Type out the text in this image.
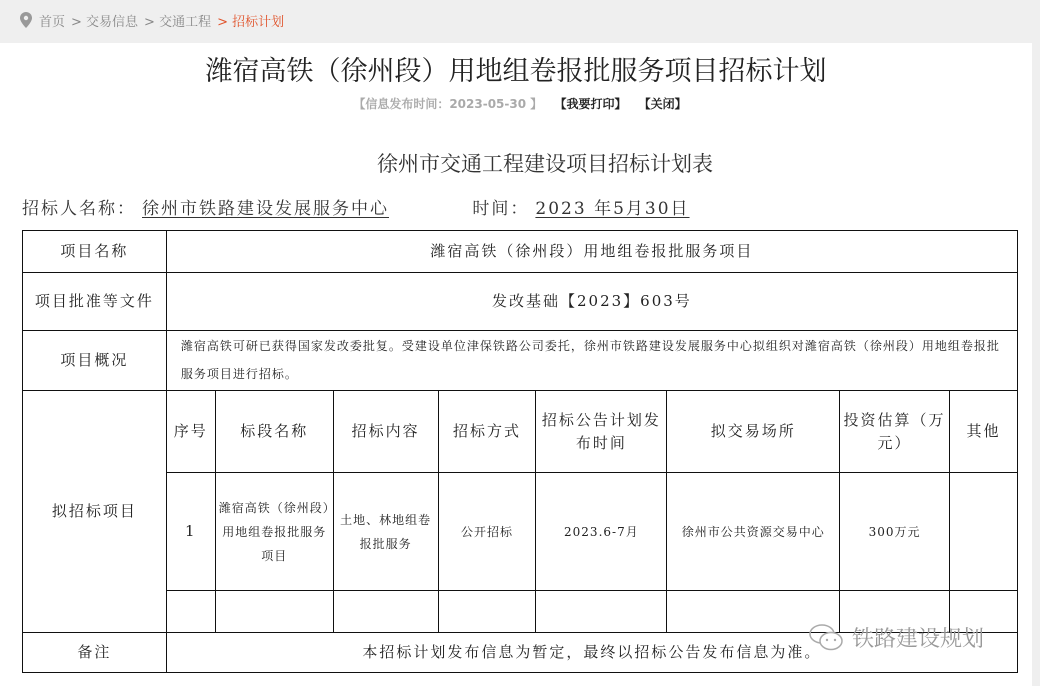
首页 > 交易信息 > 交通工程 > 招标计划
潍宿高铁（徐州段）用地组卷报批服务项目招标计划
【信息发布时间：2023-05-30 】 【我要打印】 【关闭】
徐州市交通工程建设项目招标计划表
招标人名称： 徐州市铁路建设发展服务中心	时间： 2023 年5月30日
项目名称	潍宿高铁（徐州段）用地组卷报批服务项目							
项目批准等文件	发改基础【2023】603号							
项目概况	潍宿高铁可研已获得国家发改委批复。受建设单位津保铁路公司委托，徐州市铁路建设发展服务中心拟组织对潍宿高铁（徐州段）用地组卷报批服务项目进行招标。							
拟招标项目	序号	标段名称	招标内容	招标方式	招标公告计划发布时间	拟交易场所	投资估算（万元）	其他
	1	潍宿高铁（徐州段）用地组卷报批服务项目	土地、林地组卷报批服务	公开招标	2023.6-7月	徐州市公共资源交易中心	300万元	

备注	本招标计划发布信息为暂定，最终以招标公告发布信息为准。							
铁路建设规划
